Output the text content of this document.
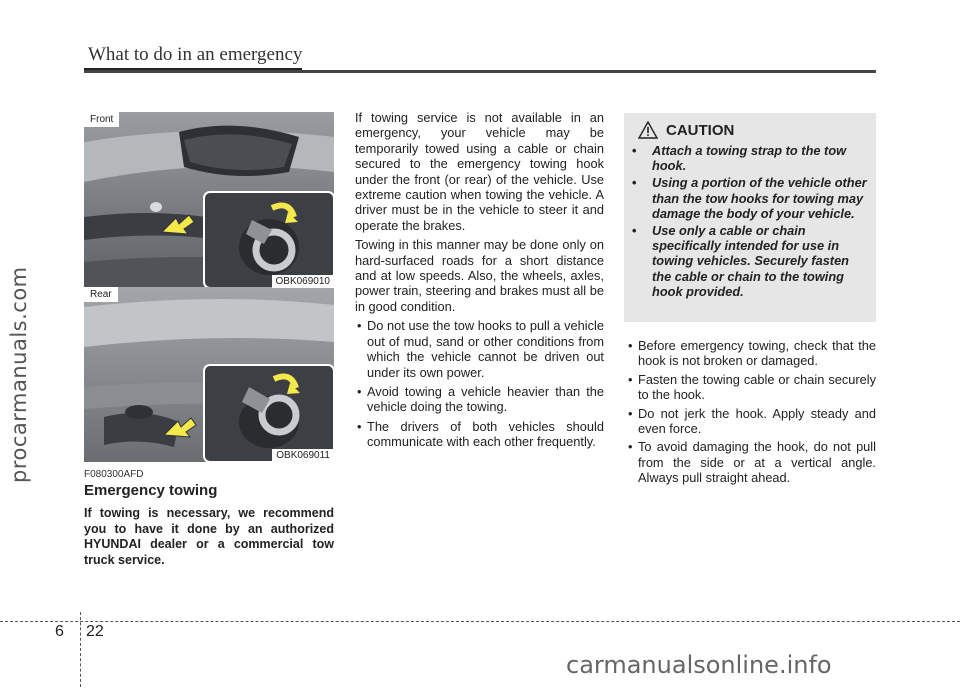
What to do in an emergency
procarmanuals.com
carmanualsonline.info
Front
OBK069010
Rear
OBK069011
F080300AFD
Emergency towing
If towing is necessary, we recommend you to have it done by an authorized HYUNDAI dealer or a commercial tow truck service.

If towing service is not available in an emergency, your vehicle may be temporarily towed using a cable or chain secured to the emergency towing hook under the front (or rear) of the vehicle. Use extreme caution when towing the vehicle. A driver must be in the vehicle to steer it and operate the brakes.

Towing in this manner may be done only on hard-surfaced roads for a short distance and at low speeds. Also, the wheels, axles, power train, steering and brakes must all be in good condition.

• Do not use the tow hooks to pull a vehicle out of mud, sand or other conditions from which the vehicle cannot be driven out under its own power.
• Avoid towing a vehicle heavier than the vehicle doing the towing.
• The drivers of both vehicles should communicate with each other frequently.
CAUTION
• Attach a towing strap to the tow hook.
• Using a portion of the vehicle other than the tow hooks for towing may damage the body of your vehicle.
• Use only a cable or chain specifically intended for use in towing vehicles. Securely fasten the cable or chain to the towing hook provided.
• Before emergency towing, check that the hook is not broken or damaged.
• Fasten the towing cable or chain securely to the hook.
• Do not jerk the hook. Apply steady and even force.
• To avoid damaging the hook, do not pull from the side or at a vertical angle. Always pull straight ahead.
6 22
